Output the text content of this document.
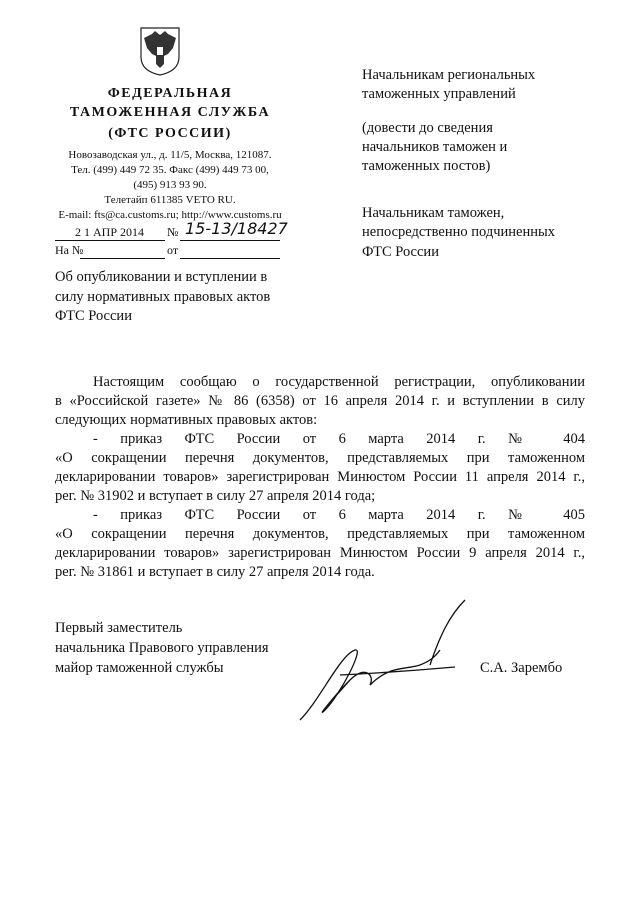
ФЕДЕРАЛЬНАЯ
ТАМОЖЕННАЯ СЛУЖБА
(ФТС РОССИИ)
Новозаводская ул., д. 11/5, Москва, 121087.
Тел. (499) 449 72 35. Факс (499) 449 73 00,
(495) 913 93 90.
Телетайп 611385 VETO RU.
E-mail: fts@ca.customs.ru; http://www.customs.ru
2 1 АПР 2014 № 15-13/18427
На №	от
Начальникам региональных
таможенных управлений
(довести до сведения
начальников таможен и
таможенных постов)
Начальникам таможен,
непосредственно подчиненных
ФТС России
Об опубликовании и вступлении в
силу нормативных правовых актов
ФТС России
Настоящим сообщаю о государственной регистрации, опубликовании
в «Российской газете» № 86 (6358) от 16 апреля 2014 г. и вступлении в силу
следующих нормативных правовых актов:
- приказ ФТС России от 6 марта 2014 г. № 404
«О сокращении перечня документов, представляемых при таможенном
декларировании товаров» зарегистрирован Минюстом России 11 апреля 2014 г.,
рег. № 31902 и вступает в силу 27 апреля 2014 года;
- приказ ФТС России от 6 марта 2014 г. № 405
«О сокращении перечня документов, представляемых при таможенном
декларировании товаров» зарегистрирован Минюстом России 9 апреля 2014 г.,
рег. № 31861 и вступает в силу 27 апреля 2014 года.
Первый заместитель
начальника Правового управления
майор таможенной службы	С.А. Зарембо
